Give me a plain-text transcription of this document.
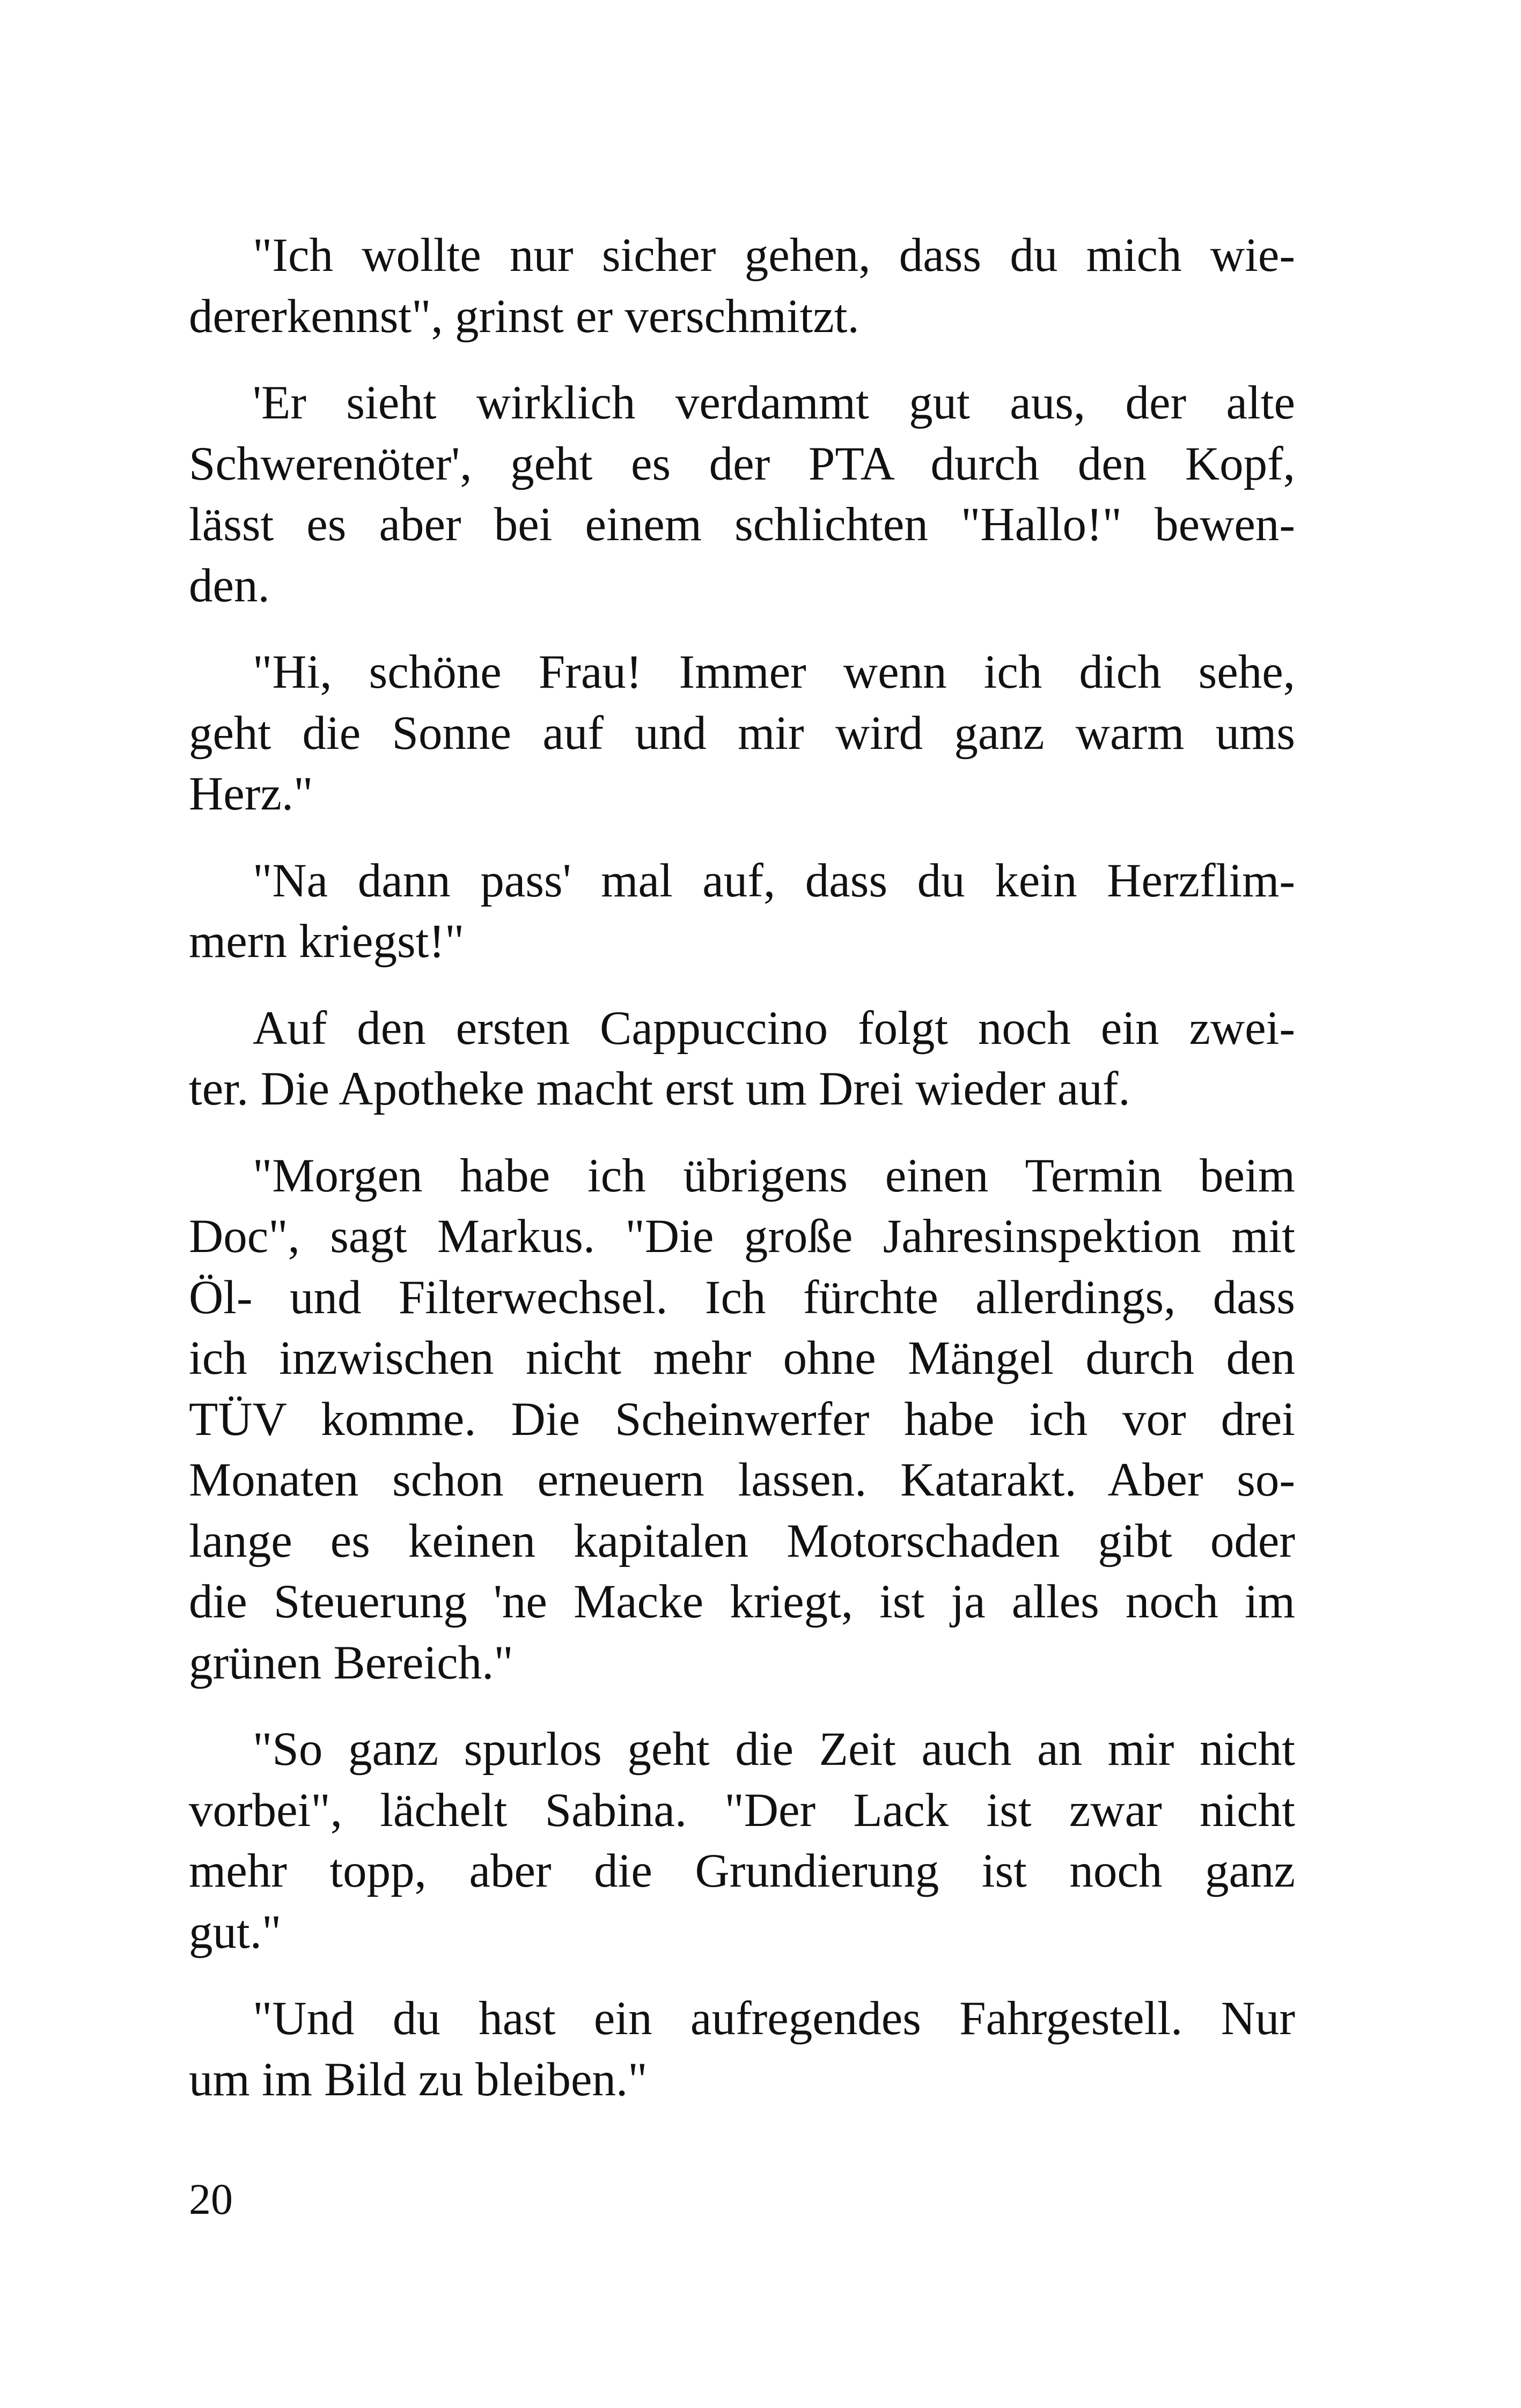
"Ich wollte nur sicher gehen, dass du mich wie-
dererkennst", grinst er verschmitzt.
'Er sieht wirklich verdammt gut aus, der alte
Schwerenöter', geht es der PTA durch den Kopf,
lässt es aber bei einem schlichten "Hallo!" bewen-
den.
"Hi, schöne Frau! Immer wenn ich dich sehe,
geht die Sonne auf und mir wird ganz warm ums
Herz."
"Na dann pass' mal auf, dass du kein Herzflim-
mern kriegst!"
Auf den ersten Cappuccino folgt noch ein zwei-
ter. Die Apotheke macht erst um Drei wieder auf.
"Morgen habe ich übrigens einen Termin beim
Doc", sagt Markus. "Die große Jahresinspektion mit
Öl- und Filterwechsel. Ich fürchte allerdings, dass
ich inzwischen nicht mehr ohne Mängel durch den
TÜV komme. Die Scheinwerfer habe ich vor drei
Monaten schon erneuern lassen. Katarakt. Aber so-
lange es keinen kapitalen Motorschaden gibt oder
die Steuerung 'ne Macke kriegt, ist ja alles noch im
grünen Bereich."
"So ganz spurlos geht die Zeit auch an mir nicht
vorbei", lächelt Sabina. "Der Lack ist zwar nicht
mehr topp, aber die Grundierung ist noch ganz
gut."
"Und du hast ein aufregendes Fahrgestell. Nur
um im Bild zu bleiben."
20
